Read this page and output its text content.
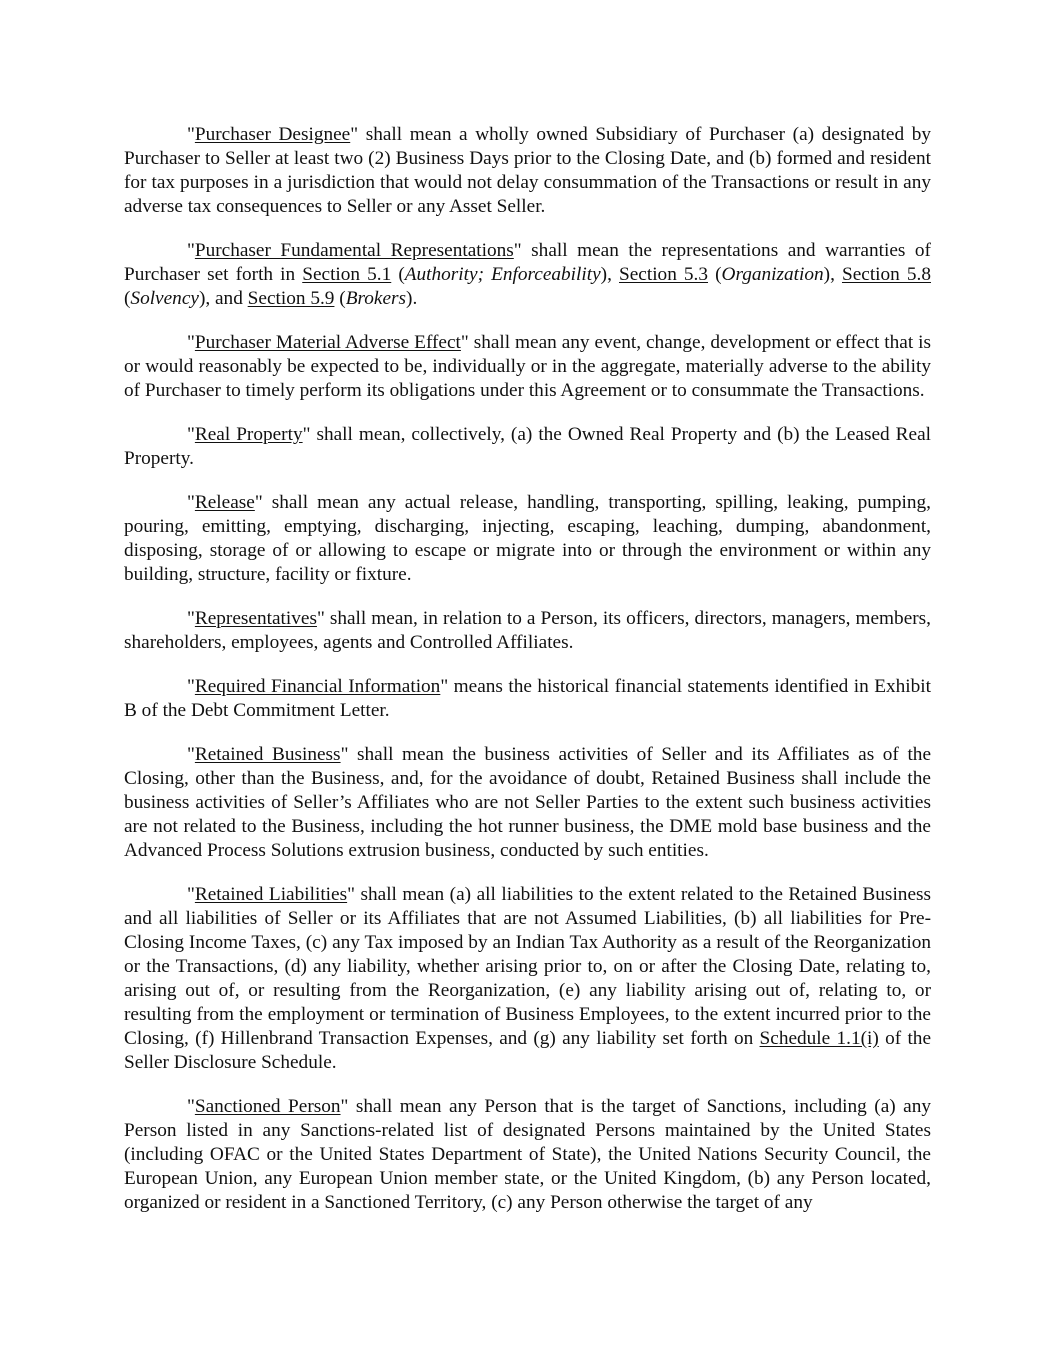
"Purchaser Designee" shall mean a wholly owned Subsidiary of Purchaser (a) designated by Purchaser to Seller at least two (2) Business Days prior to the Closing Date, and (b) formed and resident for tax purposes in a jurisdiction that would not delay consummation of the Transactions or result in any adverse tax consequences to Seller or any Asset Seller.

"Purchaser Fundamental Representations" shall mean the representations and warranties of Purchaser set forth in Section 5.1 (Authority; Enforceability), Section 5.3 (Organization), Section 5.8 (Solvency), and Section 5.9 (Brokers).

"Purchaser Material Adverse Effect" shall mean any event, change, development or effect that is or would reasonably be expected to be, individually or in the aggregate, materially adverse to the ability of Purchaser to timely perform its obligations under this Agreement or to consummate the Transactions.

"Real Property" shall mean, collectively, (a) the Owned Real Property and (b) the Leased Real Property.

"Release" shall mean any actual release, handling, transporting, spilling, leaking, pumping, pouring, emitting, emptying, discharging, injecting, escaping, leaching, dumping, abandonment, disposing, storage of or allowing to escape or migrate into or through the environment or within any building, structure, facility or fixture.

"Representatives" shall mean, in relation to a Person, its officers, directors, managers, members, shareholders, employees, agents and Controlled Affiliates.

"Required Financial Information" means the historical financial statements identified in Exhibit B of the Debt Commitment Letter.

"Retained Business" shall mean the business activities of Seller and its Affiliates as of the Closing, other than the Business, and, for the avoidance of doubt, Retained Business shall include the business activities of Seller’s Affiliates who are not Seller Parties to the extent such business activities are not related to the Business, including the hot runner business, the DME mold base business and the Advanced Process Solutions extrusion business, conducted by such entities.

"Retained Liabilities" shall mean (a) all liabilities to the extent related to the Retained Business and all liabilities of Seller or its Affiliates that are not Assumed Liabilities, (b) all liabilities for Pre-Closing Income Taxes, (c) any Tax imposed by an Indian Tax Authority as a result of the Reorganization or the Transactions, (d) any liability, whether arising prior to, on or after the Closing Date, relating to, arising out of, or resulting from the Reorganization, (e) any liability arising out of, relating to, or resulting from the employment or termination of Business Employees, to the extent incurred prior to the Closing, (f) Hillenbrand Transaction Expenses, and (g) any liability set forth on Schedule 1.1(i) of the Seller Disclosure Schedule.

"Sanctioned Person" shall mean any Person that is the target of Sanctions, including (a) any Person listed in any Sanctions-related list of designated Persons maintained by the United States (including OFAC or the United States Department of State), the United Nations Security Council, the European Union, any European Union member state, or the United Kingdom, (b) any Person located, organized or resident in a Sanctioned Territory, (c) any Person otherwise the target of any
